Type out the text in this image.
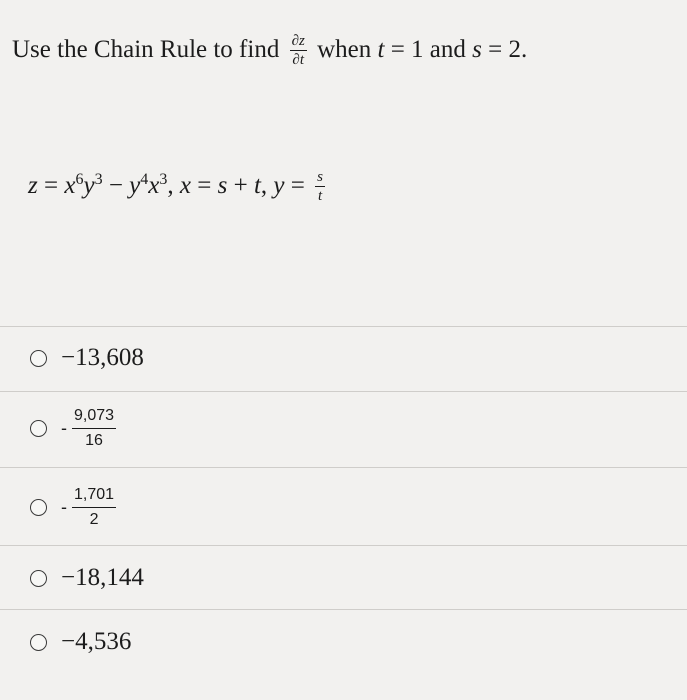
Use the Chain Rule to find $\frac{\partial z}{\partial t}$ when t = 1 and s = 2.
$z = x^6y^3 - y^4x^3$, x = s + t, $y = \frac{s}{t}$
−13,608
- $\frac{9,073}{16}$
- $\frac{1,701}{2}$
−18,144
−4,536
